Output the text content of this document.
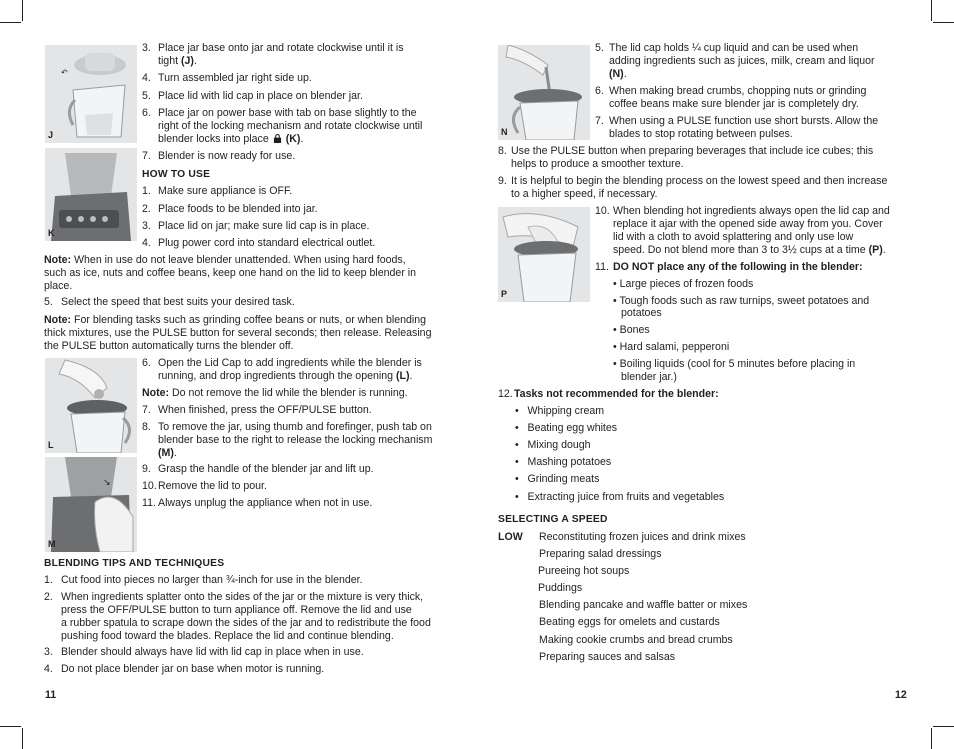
↶
J
K
3. Place jar base onto jar and rotate clockwise until it is
tight (J).
4. Turn assembled jar right side up.
5. Place lid with lid cap in place on blender jar.
6. Place jar on power base with tab on base slightly to the
right of the locking mechanism and rotate clockwise until
blender locks into place (K).
7. Blender is now ready for use.
HOW TO USE
1. Make sure appliance is OFF.
2. Place foods to be blended into jar.
3. Place lid on jar; make sure lid cap is in place.
4. Plug power cord into standard electrical outlet.
Note: When in use do not leave blender unattended. When using hard foods,
such as ice, nuts and coffee beans, keep one hand on the lid to keep blender in
place.
5. Select the speed that best suits your desired task.
Note: For blending tasks such as grinding coffee beans or nuts, or when blending
thick mixtures, use the PULSE button for several seconds; then release. Releasing
the PULSE button automatically turns the blender off.
L
↘
M
6. Open the Lid Cap to add ingredients while the blender is
running, and drop ingredients through the opening (L).
Note: Do not remove the lid while the blender is running.
7. When finished, press the OFF/PULSE button.
8. To remove the jar, using thumb and forefinger, push tab on
blender base to the right to release the locking mechanism
(M).
9. Grasp the handle of the blender jar and lift up.
10. Remove the lid to pour.
11. Always unplug the appliance when not in use.
BLENDING TIPS AND TECHNIQUES
1. Cut food into pieces no larger than ¾-inch for use in the blender.
2. When ingredients splatter onto the sides of the jar or the mixture is very thick,
press the OFF/PULSE button to turn appliance off. Remove the lid and use
a rubber spatula to scrape down the sides of the jar and to redistribute the food
pushing food toward the blades. Replace the lid and continue blending.
3. Blender should always have lid with lid cap in place when in use.
4. Do not place blender jar on base when motor is running.
11
N
5. The lid cap holds ¼ cup liquid and can be used when
adding ingredients such as juices, milk, cream and liquor
(N).
6. When making bread crumbs, chopping nuts or grinding
coffee beans make sure blender jar is completely dry.
7. When using a PULSE function use short bursts. Allow the
blades to stop rotating between pulses.
8. Use the PULSE button when preparing beverages that include ice cubes; this
helps to produce a smoother texture.
9. It is helpful to begin the blending process on the lowest speed and then increase
to a higher speed, if necessary.
P
10. When blending hot ingredients always open the lid cap and
replace it ajar with the opened side away from you. Cover
lid with a cloth to avoid splattering and only use low
speed. Do not blend more than 3 to 3½ cups at a time (P).
11. DO NOT place any of the following in the blender:
• Large pieces of frozen foods
• Tough foods such as raw turnips, sweet potatoes and
potatoes
• Bones
• Hard salami, pepperoni
• Boiling liquids (cool for 5 minutes before placing in
blender jar.)
12. Tasks not recommended for the blender:
•   Whipping cream
•   Beating egg whites
•   Mixing dough
•   Mashing potatoes
•   Grinding meats
•   Extracting juice from fruits and vegetables
SELECTING A SPEED
LOW Reconstituting frozen juices and drink mixes
Preparing salad dressings
Pureeing hot soups
Puddings
Blending pancake and waffle batter or mixes
Beating eggs for omelets and custards
Making cookie crumbs and bread crumbs
Preparing sauces and salsas
12
